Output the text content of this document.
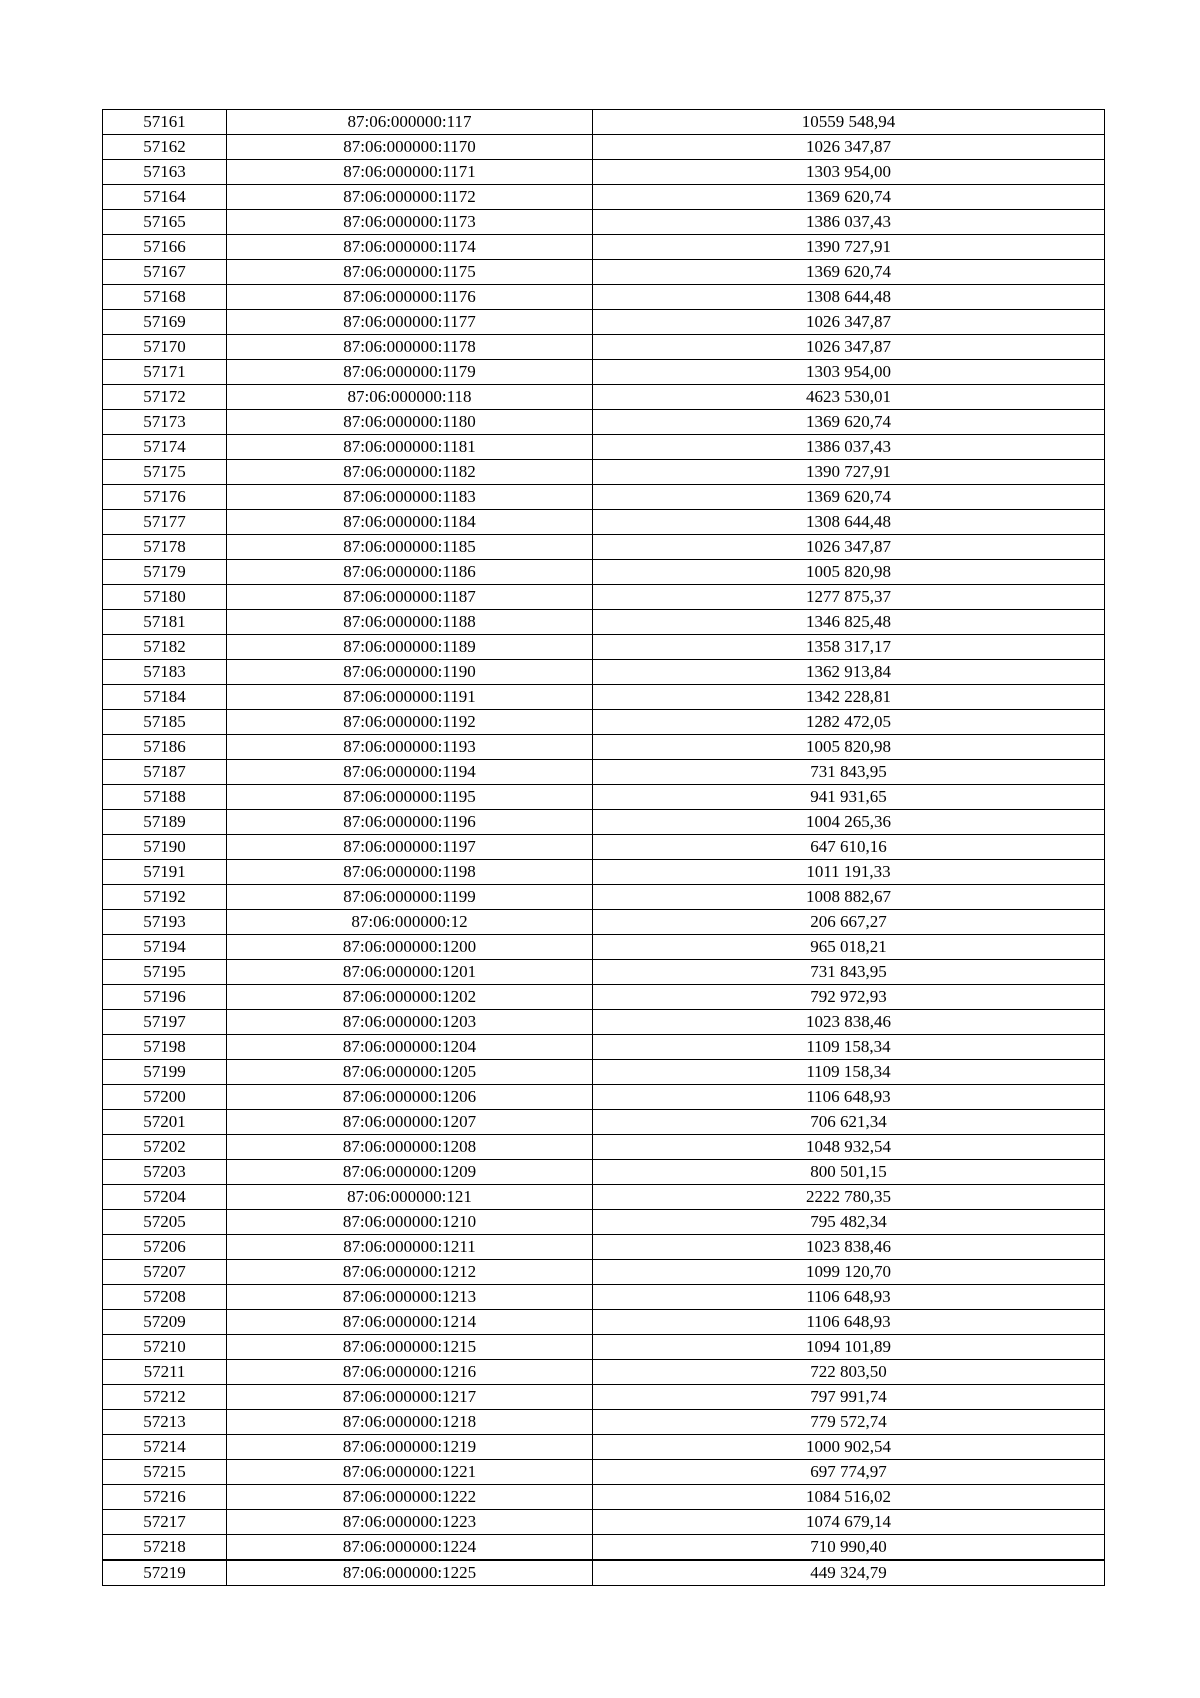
57161	87:06:000000:117	10559 548,94
57162	87:06:000000:1170	1026 347,87
57163	87:06:000000:1171	1303 954,00
57164	87:06:000000:1172	1369 620,74
57165	87:06:000000:1173	1386 037,43
57166	87:06:000000:1174	1390 727,91
57167	87:06:000000:1175	1369 620,74
57168	87:06:000000:1176	1308 644,48
57169	87:06:000000:1177	1026 347,87
57170	87:06:000000:1178	1026 347,87
57171	87:06:000000:1179	1303 954,00
57172	87:06:000000:118	4623 530,01
57173	87:06:000000:1180	1369 620,74
57174	87:06:000000:1181	1386 037,43
57175	87:06:000000:1182	1390 727,91
57176	87:06:000000:1183	1369 620,74
57177	87:06:000000:1184	1308 644,48
57178	87:06:000000:1185	1026 347,87
57179	87:06:000000:1186	1005 820,98
57180	87:06:000000:1187	1277 875,37
57181	87:06:000000:1188	1346 825,48
57182	87:06:000000:1189	1358 317,17
57183	87:06:000000:1190	1362 913,84
57184	87:06:000000:1191	1342 228,81
57185	87:06:000000:1192	1282 472,05
57186	87:06:000000:1193	1005 820,98
57187	87:06:000000:1194	731 843,95
57188	87:06:000000:1195	941 931,65
57189	87:06:000000:1196	1004 265,36
57190	87:06:000000:1197	647 610,16
57191	87:06:000000:1198	1011 191,33
57192	87:06:000000:1199	1008 882,67
57193	87:06:000000:12	206 667,27
57194	87:06:000000:1200	965 018,21
57195	87:06:000000:1201	731 843,95
57196	87:06:000000:1202	792 972,93
57197	87:06:000000:1203	1023 838,46
57198	87:06:000000:1204	1109 158,34
57199	87:06:000000:1205	1109 158,34
57200	87:06:000000:1206	1106 648,93
57201	87:06:000000:1207	706 621,34
57202	87:06:000000:1208	1048 932,54
57203	87:06:000000:1209	800 501,15
57204	87:06:000000:121	2222 780,35
57205	87:06:000000:1210	795 482,34
57206	87:06:000000:1211	1023 838,46
57207	87:06:000000:1212	1099 120,70
57208	87:06:000000:1213	1106 648,93
57209	87:06:000000:1214	1106 648,93
57210	87:06:000000:1215	1094 101,89
57211	87:06:000000:1216	722 803,50
57212	87:06:000000:1217	797 991,74
57213	87:06:000000:1218	779 572,74
57214	87:06:000000:1219	1000 902,54
57215	87:06:000000:1221	697 774,97
57216	87:06:000000:1222	1084 516,02
57217	87:06:000000:1223	1074 679,14
57218	87:06:000000:1224	710 990,40
57219	87:06:000000:1225	449 324,79
